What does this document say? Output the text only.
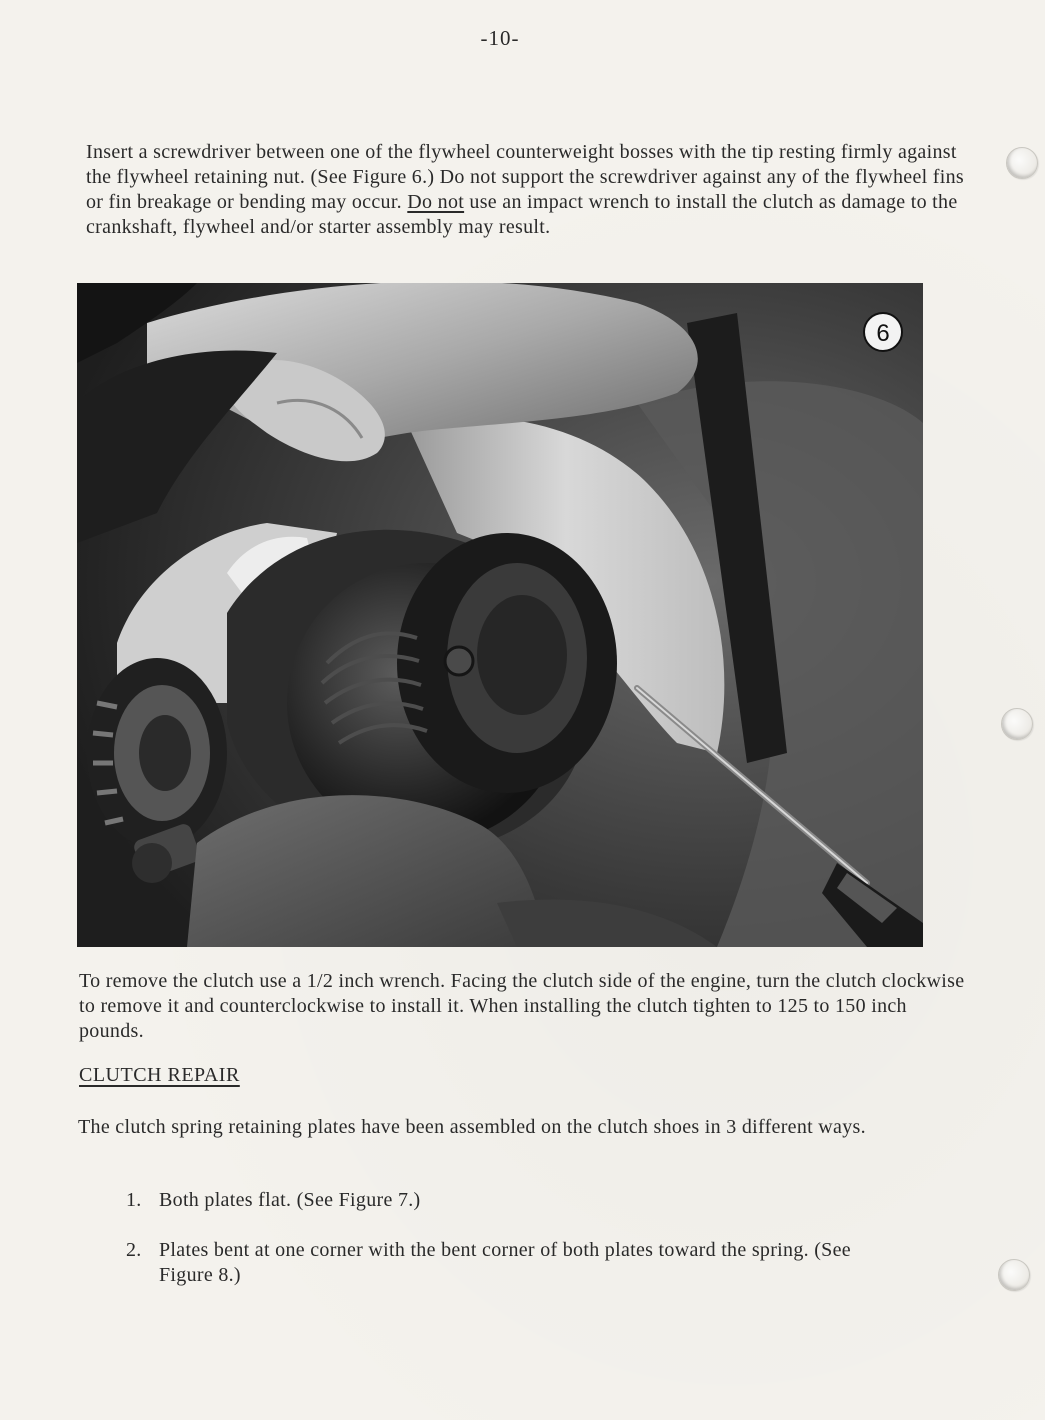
-10-

Insert a screwdriver between one of the flywheel counterweight bosses with the tip resting firmly against the flywheel retaining nut. (See Figure 6.) Do not support the screwdriver against any of the flywheel fins or fin breakage or bending may occur. Do not use an impact wrench to install the clutch as damage to the crankshaft, flywheel and/or starter assembly may result.

6

To remove the clutch use a 1/2 inch wrench. Facing the clutch side of the engine, turn the clutch clockwise to remove it and counterclockwise to install it. When installing the clutch tighten to 125 to 150 inch pounds.

CLUTCH REPAIR

The clutch spring retaining plates have been assembled on the clutch shoes in 3 different ways.

1. Both plates flat. (See Figure 7.)
2. Plates bent at one corner with the bent corner of both plates toward the spring. (See Figure 8.)
